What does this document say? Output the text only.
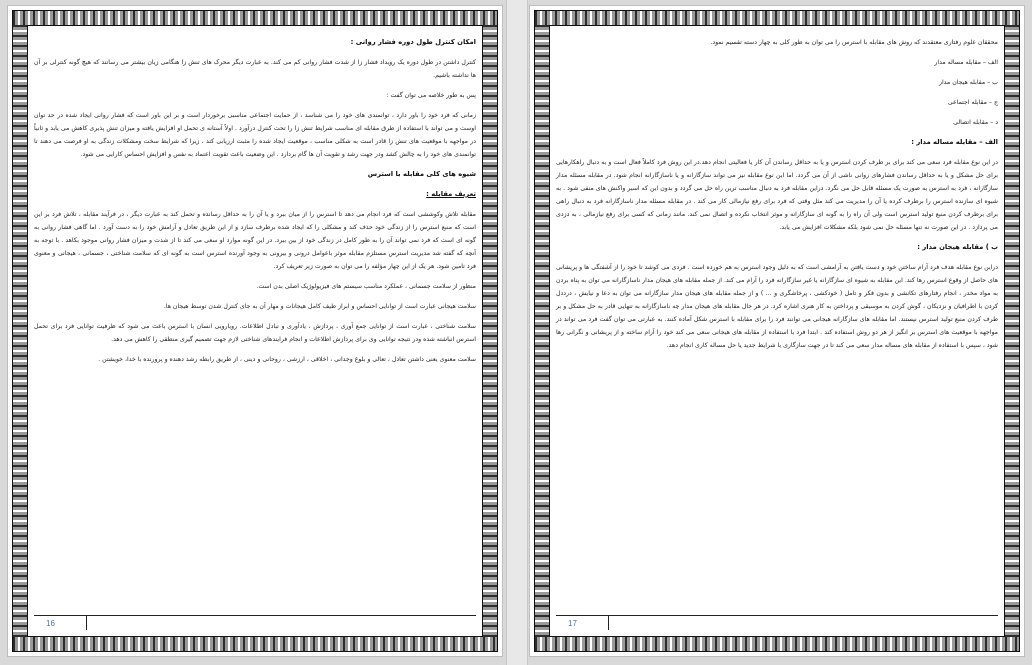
امکان کنترل طول دوره فشار روانی :

کنترل داشتن در طول دوره یک رویداد فشار زا از شدت فشار روانی کم می کند. به عبارت دیگر محرک های تنش زا هنگامی زیان بیشتر می رسانند که هیچ گونه کنترلی بر آن ها نداشته باشیم.

پس به طور خلاصه می توان گفت :

زمانی که فرد خود را باور دارد ، توانمندی های خود را می شناسد ، از حمایت اجتماعی مناسبی برخوردار است و بر این باور است که فشار روانی ایجاد شده در حد توان اوست و می تواند با استفاده از طرق مقابله ای مناسب شرایط تنش زا را تحت کنترل درآورد . اولاً آستانه ی تحمل او افزایش یافته و میزان تنش پذیری کاهش می یابد و ثانیاً در مواجهه با موقعیت های تنش زا قادر است به شکلی مناسب ، موقعیت ایجاد شده را مثبت ارزیابی کند ، زیرا که شرایط سخت ومشکلات زندگی به او فرصت می دهند تا توانمندی های خود را به چالش کشد ودر جهت رشد و تقویت آن ها گام بردارد . این وضعیت باعث تقویت اعتماد به نفس و افزایش احساس کارایی می شود.

شیوه های کلی مقابله با استرس

تعریف مقابله :

مقابله تلاش وکوششی است که فرد انجام می دهد تا استرس را از میان ببرد و یا آن را به حداقل رسانده و تحمل کند به عبارت دیگر ، در فرآیند مقابله ، تلاش فرد بر این است که منبع استرس را از زندگی خود حذف کند و مشکلی را که ایجاد شده برطرف سازد و از این طریق تعادل و آرامش خود را به دست آورد . اما گاهی فشار روانی به گونه ای است که فرد نمی تواند آن را به طور کامل در زندگی خود از بین ببرد. در این گونه موارد او سعی می کند تا از شدت و میزان فشار روانی موجود بکاهد . با توجه به آنچه که گفته شد مدیریت استرس مستلزم مقابله موثر باعوامل درونی و بیرونی به وجود آورنده استرس است به گونه ای که سلامت شناختی ، جسمانی ، هیجانی و معنوی فرد تامین شود. هر یک از این چهار مؤلفه را می توان به صورت زیر تعریف کرد.

منظور از سلامت جسمانی ، عملکرد مناسب سیستم های فیزیولوژیک اصلی بدن است.

سلامت هیجانی عبارت است از توانایی احساس و ابراز طیف کامل هیجانات و مهار آن به جای کنترل شدن توسط هیجان ها.

سلامت شناختی ، عبارت است از توانایی جمع آوری ، پردازش ، یادآوری و تبادل اطلاعات. رویارویی انسان با استرس باعث می شود که ظرفیت توانایی فرد برای تحمل استرس انباشته شده ودر نتیجه توانایی وی برای پردازش اطلاعات و انجام فرایندهای شناختی لازم جهت تصمیم گیری منطقی را کاهش می دهد.

سلامت معنوی یعنی داشتن تعادل ، تعالی و بلوغ وجدانی ، اخلاقی ، ارزشی ، روحانی و دینی ، از طریق رابطه رشد دهنده و پرورنده با خدا، خویشتن .

16

محققان علوم رفتاری معتقدند که روش های مقابله با استرس را می توان به طور کلی به چهار دسته تقسیم نمود.

الف – مقابله مساله مدار

ب – مقابله هیجان مدار

ج – مقابله اجتماعی

د – مقابله اتصالی

الف – مقابله مساله مدار :

در این نوع مقابله فرد سعی می کند برای بر طرف کردن استرس و یا به حداقل رساندن آن کار یا فعالیتی انجام دهد.در این روش فرد کاملاً فعال است و به دنبال راهکارهایی برای حل مشکل و یا به حداقل رساندن فشارهای روانی ناشی از آن می گردد. اما این نوع مقابله نیز می تواند سازگارانه و یا ناسازگارانه انجام شود. در مقابله مسئله مدار سازگارانه ، فرد به استرس به صورت یک مسئله قابل حل می نگرد. دراین مقابله فرد به دنبال مناسب ترین راه حل می گردد و بدون این که اسیر واکنش های منفی شود . به شیوه ای سازنده استرس را برطرف کرده یا آن را مدیریت می کند مثل وقتی که فرد برای رفع نیازمالی کار می کند . در مقابله مسئله مدار ناسازگارانه فرد به دنبال راهی برای برطرف کردن منبع تولید استرس است ولی آن راه را به گونه ای سازگارانه و موثر انتخاب نکرده و اتصال نمی کند. مانند زمانی که کسی برای رفع نیازمالی ، به دزدی می پردازد . در این صورت نه تنها مسئله حل نمی شود بلکه مشکلات افزایش می یابد.

ب ) مقابله هیجان مدار :

دراین نوع مقابله هدف فرد آرام ساختن خود و دست یافتن به آرامشی است که به دلیل وجود استرس به هم خورده است . فردی می کوشد تا خود را از آشفتگی ها و پریشانی های حاصل از وقوع استرس رها کند. این مقابله به شیوه ای سازگارانه یا غیر سازگارانه فرد را آرام می کند. از جمله مقابله های هیجان مدار ناسازگارانه می توان به پناه بردن به مواد مخدر ، انجام رفتارهای تکانشی و بدون فکر و تامل ( خودکشی ، پرخاشگری و ... ) و از جمله مقابله های هیجان مدار سازگارانه می توان به دعا و نیایش ، درددل کردن با اطرافیان و نزدیکان ، گوش کردن به موسیقی و پرداختن به کار هنری اشاره کرد. در هر حال مقابله های هیجان مدار چه ناسازگارانه به تنهایی قادر به حل مشکل و بر طرف کردن منبع تولید استرس نیستند. اما مقابله های سازگارانه هیجانی می توانند فرد را برای مقابله با استرس شکل آماده کنند. به عبارتی می توان گفت فرد می تواند در مواجهه با موقعیت های استرس بر انگیز از هر دو روش استفاده کند . ابتدا فرد با استفاده از مقابله های هیجانی سعی می کند خود را آرام ساخته و از پریشانی و نگرانی رها شود ، سپس با استفاده از مقابله های مساله مدار سعی می کند تا در جهت سازگاری با شرایط جدید یا حل مساله کاری انجام دهد.

17
